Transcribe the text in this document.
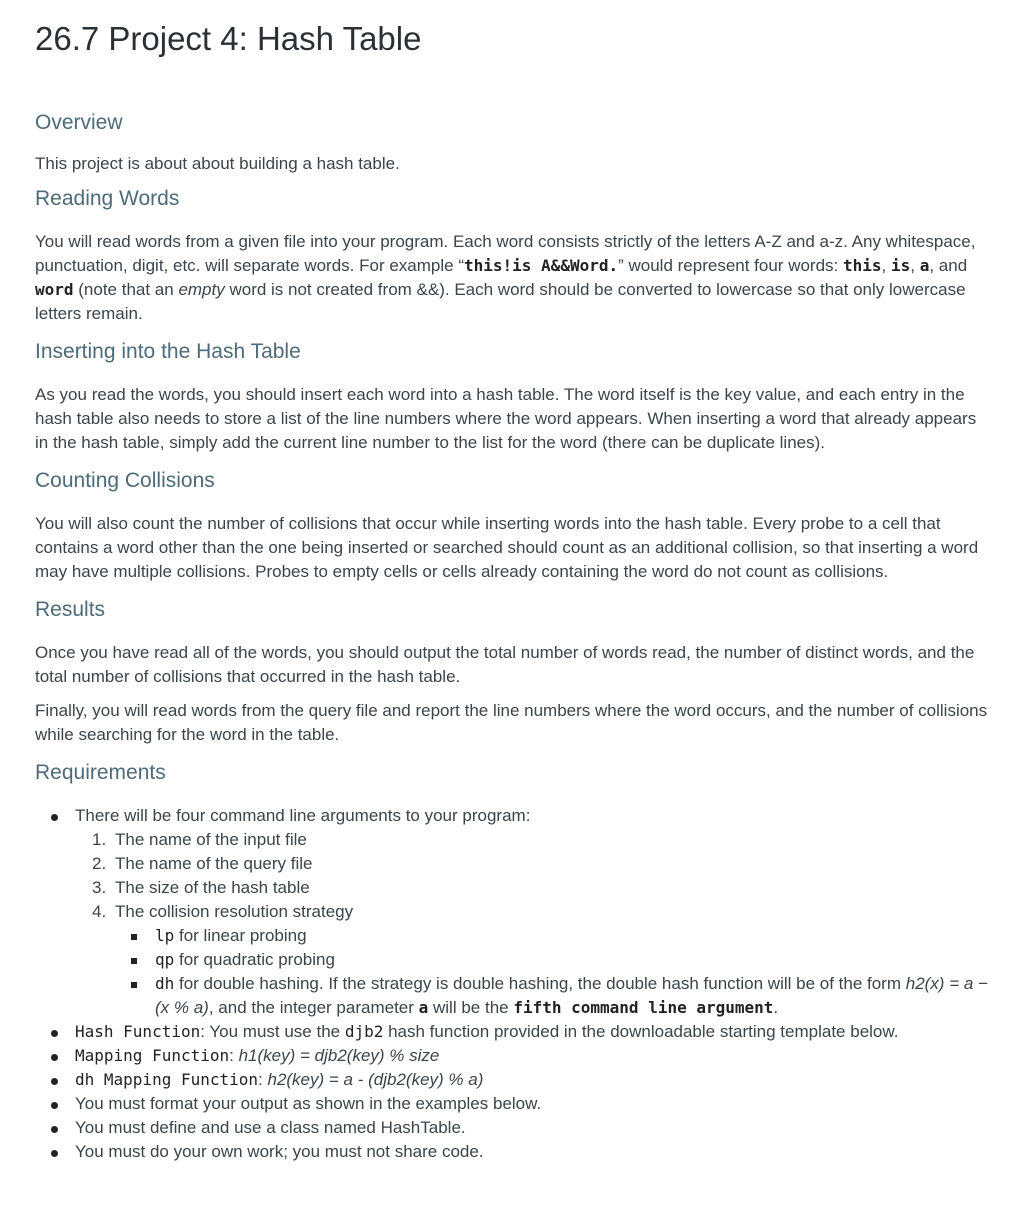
26.7 Project 4: Hash Table
Overview

This project is about about building a hash table.

Reading Words

You will read words from a given file into your program. Each word consists strictly of the letters A-Z and a-z. Any whitespace, punctuation, digit, etc. will separate words. For example “this!is A&&Word.” would represent four words: this, is, a, and word (note that an empty word is not created from &&). Each word should be converted to lowercase so that only lowercase letters remain.

Inserting into the Hash Table

As you read the words, you should insert each word into a hash table. The word itself is the key value, and each entry in the hash table also needs to store a list of the line numbers where the word appears. When inserting a word that already appears in the hash table, simply add the current line number to the list for the word (there can be duplicate lines).

Counting Collisions

You will also count the number of collisions that occur while inserting words into the hash table. Every probe to a cell that contains a word other than the one being inserted or searched should count as an additional collision, so that inserting a word may have multiple collisions. Probes to empty cells or cells already containing the word do not count as collisions.

Results

Once you have read all of the words, you should output the total number of words read, the number of distinct words, and the total number of collisions that occurred in the hash table.

Finally, you will read words from the query file and report the line numbers where the word occurs, and the number of collisions while searching for the word in the table.

Requirements
There will be four command line arguments to your program:
1. The name of the input file
2. The name of the query file
3. The size of the hash table
4. The collision resolution strategy
lp for linear probing
qp for quadratic probing
dh for double hashing. If the strategy is double hashing, the double hash function will be of the form h2(x) = a − (x % a), and the integer parameter a will be the fifth command line argument.
Hash Function: You must use the djb2 hash function provided in the downloadable starting template below.
Mapping Function: h1(key) = djb2(key) % size
dh Mapping Function: h2(key) = a - (djb2(key) % a)
You must format your output as shown in the examples below.
You must define and use a class named HashTable.
You must do your own work; you must not share code.
